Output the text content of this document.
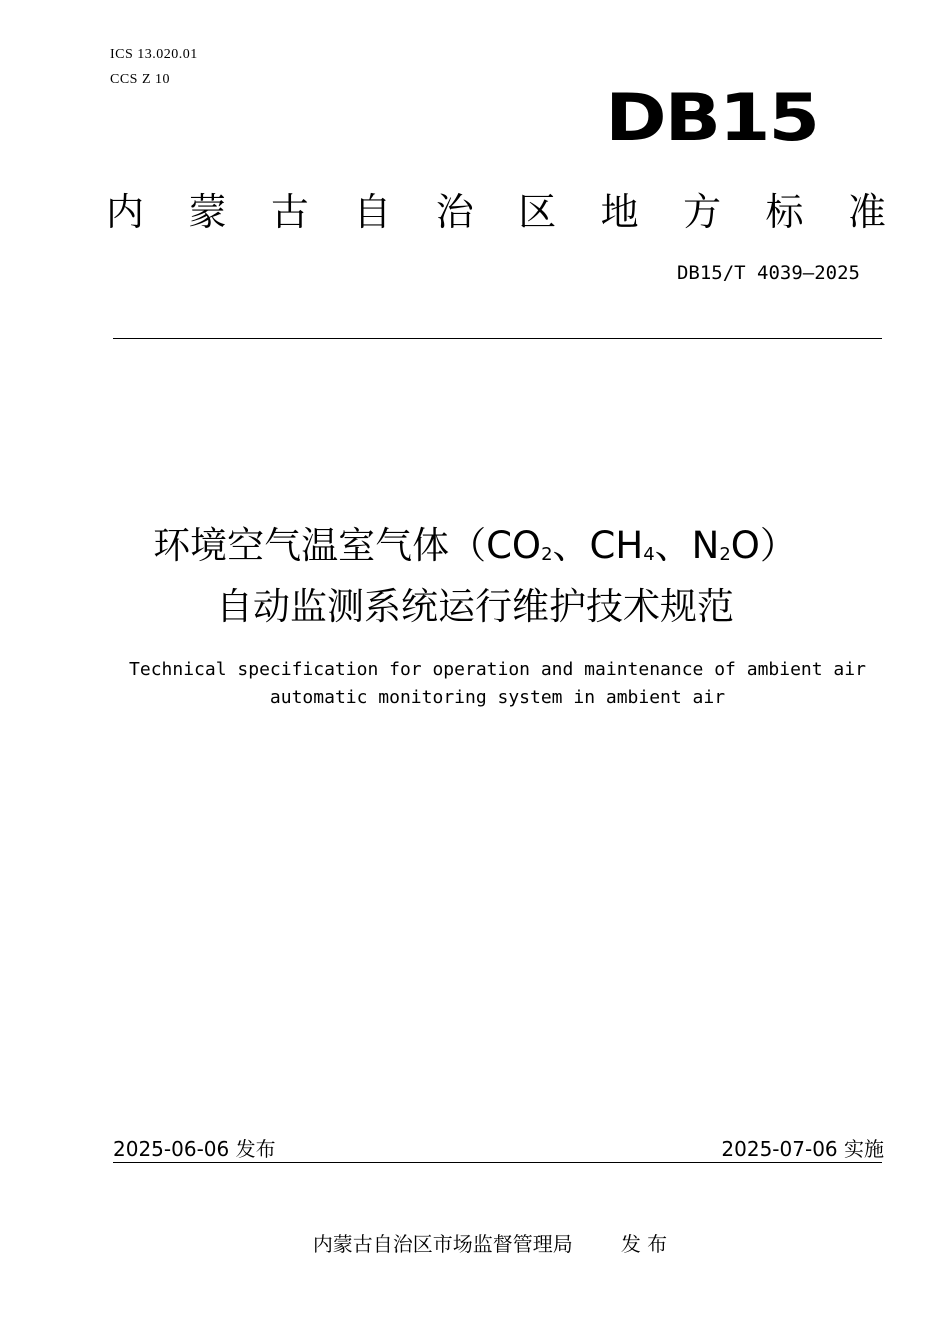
ICS 13.020.01
CCS Z 10
DB15
内 蒙 古 自 治 区 地 方 标 准
DB15/T 4039—2025
环境空气温室气体（$CO_2$、$CH_4$、$N_2O$）
自动监测系统运行维护技术规范
Technical specification for operation and maintenance of ambient air
automatic monitoring system in ambient air
2025-06-06 发布	2025-07-06 实施
内蒙古自治区市场监督管理局 发 布
